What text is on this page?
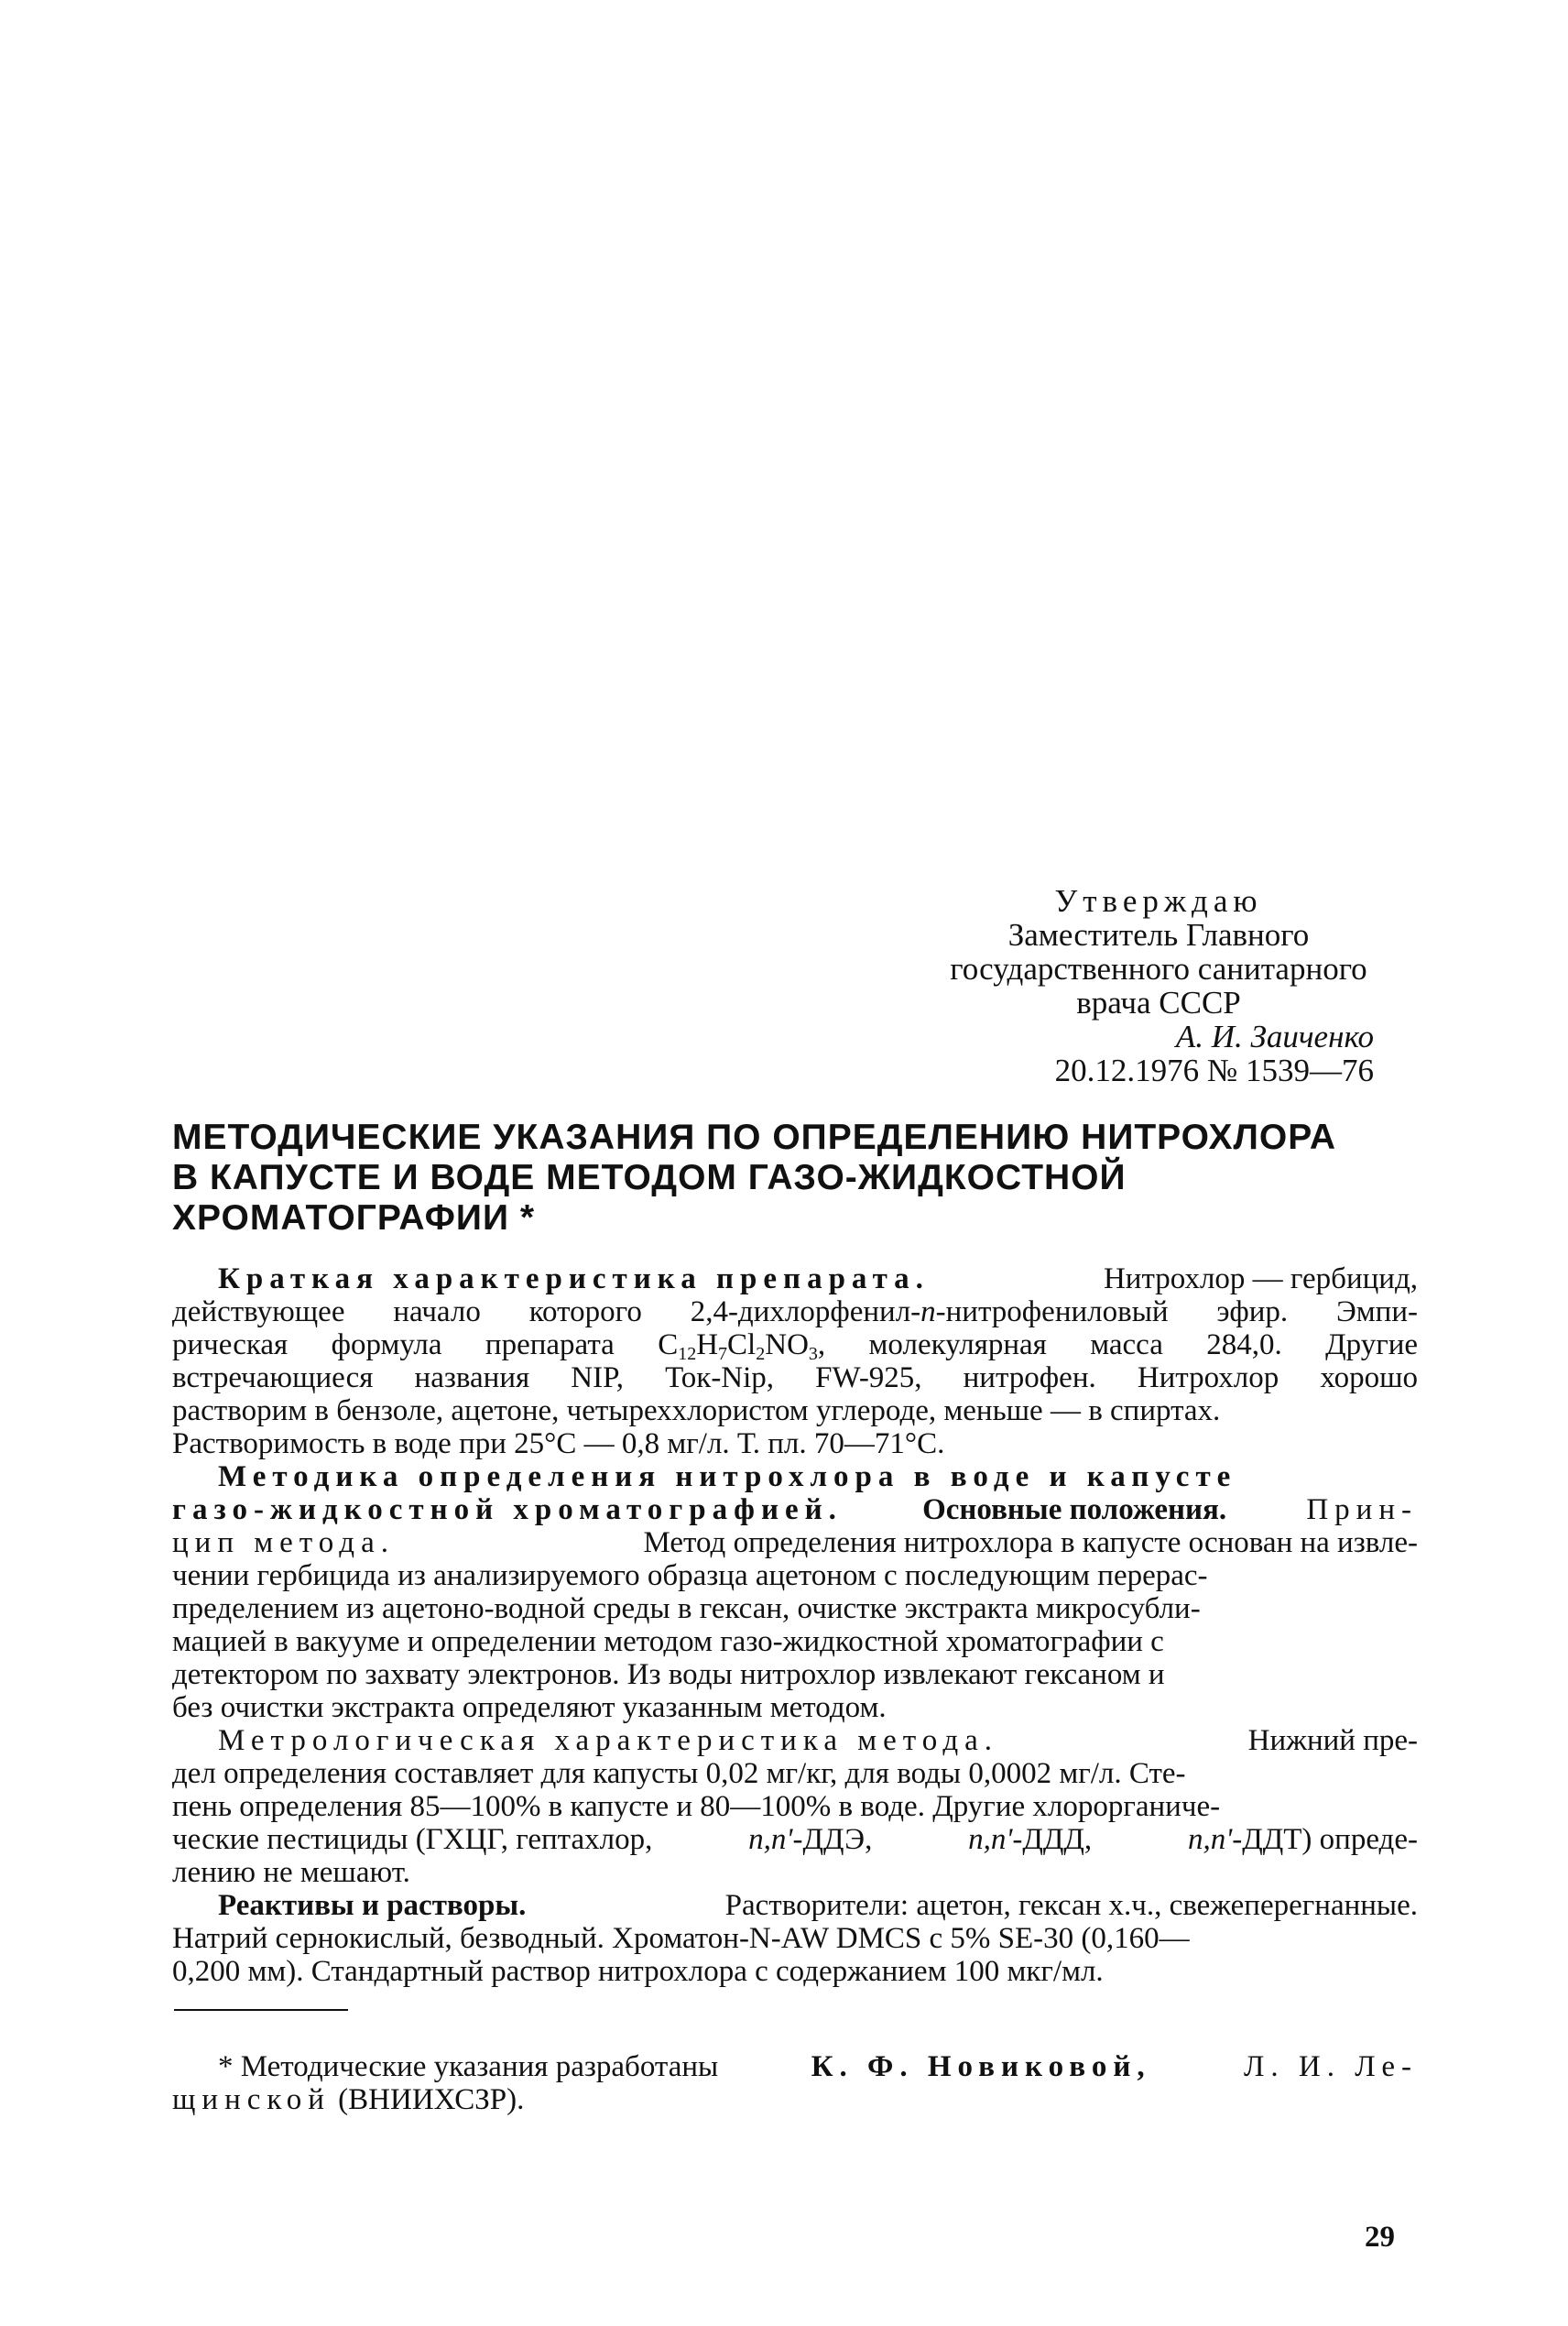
Утверждаю
Заместитель Главного
государственного санитарного
врача СССР
А. И. Заиченко
20.12.1976 № 1539—76
МЕТОДИЧЕСКИЕ УКАЗАНИЯ ПО ОПРЕДЕЛЕНИЮ НИТРОХЛОРА
В КАПУСТЕ И ВОДЕ МЕТОДОМ ГАЗО-ЖИДКОСТНОЙ
ХРОМАТОГРАФИИ *
Краткая характеристика препарата.	Нитрохлор — гербицид,
действующее начало которого 2,4-дихлорфенил-n-нитрофениловый эфир. Эмпи-
рическая формула препарата $C_{12}H_7Cl_2NO_3$, молекулярная масса 284,0. Другие
встречающиеся названия NIP, Ток-Nip, FW-925, нитрофен. Нитрохлор хорошо
растворим в бензоле, ацетоне, четыреххлористом углероде, меньше — в спиртах.
Растворимость в воде при 25°C — 0,8 мг/л. Т. пл. 70—71°C.
Методика определения нитрохлора в воде и капусте
газо-жидкостной хроматографией.	Основные положения.	Прин-
цип метода.	Метод определения нитрохлора в капусте основан на извле-
чении гербицида из анализируемого образца ацетоном с последующим перерас-
пределением из ацетоно-водной среды в гексан, очистке экстракта микросубли-
мацией в вакууме и определении методом газо-жидкостной хроматографии с
детектором по захвату электронов. Из воды нитрохлор извлекают гексаном и
без очистки экстракта определяют указанным методом.
Метрологическая характеристика метода.	Нижний пре-
дел определения составляет для капусты 0,02 мг/кг, для воды 0,0002 мг/л. Сте-
пень определения 85—100% в капусте и 80—100% в воде. Другие хлорорганиче-
ческие пестициды (ГХЦГ, гептахлор,	n,n'-ДДЭ,	n,n'-ДДД,	n,n'-ДДТ) опреде-
лению не мешают.
Реактивы и растворы.	Растворители: ацетон, гексан х.ч., свежеперегнанные.
Натрий сернокислый, безводный. Хроматон-N-AW DMCS с 5% SE-30 (0,160—
0,200 мм). Стандартный раствор нитрохлора с содержанием 100 мкг/мл.
* Методические указания разработаны	К. Ф. Новиковой,	Л. И. Ле-
щинской
(ВНИИХСЗР).
29
